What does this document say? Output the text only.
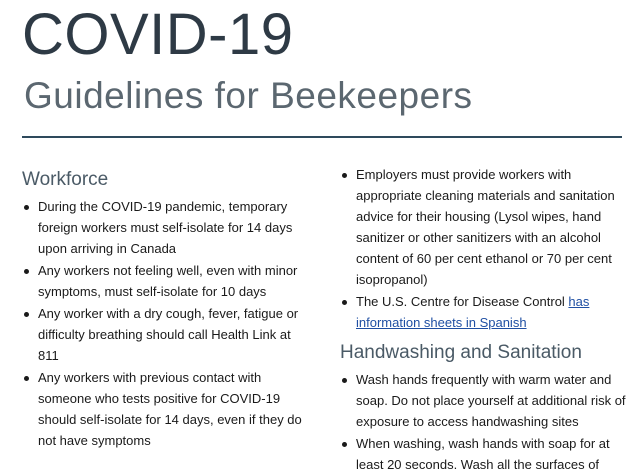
COVID-19
Guidelines for Beekeepers
Workforce
During the COVID-19 pandemic, temporary foreign workers must self-isolate for 14 days upon arriving in Canada
Any workers not feeling well, even with minor symptoms, must self-isolate for 10 days
Any worker with a dry cough, fever, fatigue or difficulty breathing should call Health Link at 811
Any workers with previous contact with someone who tests positive for COVID-19 should self-isolate for 14 days, even if they do not have symptoms
Employers must provide workers with appropriate cleaning materials and sanitation advice for their housing (Lysol wipes, hand sanitizer or other sanitizers with an alcohol content of 60 per cent ethanol or 70 per cent isopropanol)
The U.S. Centre for Disease Control has information sheets in Spanish
Handwashing and Sanitation
Wash hands frequently with warm water and soap. Do not place yourself at additional risk of exposure to access handwashing sites
When washing, wash hands with soap for at least 20 seconds. Wash all the surfaces of
